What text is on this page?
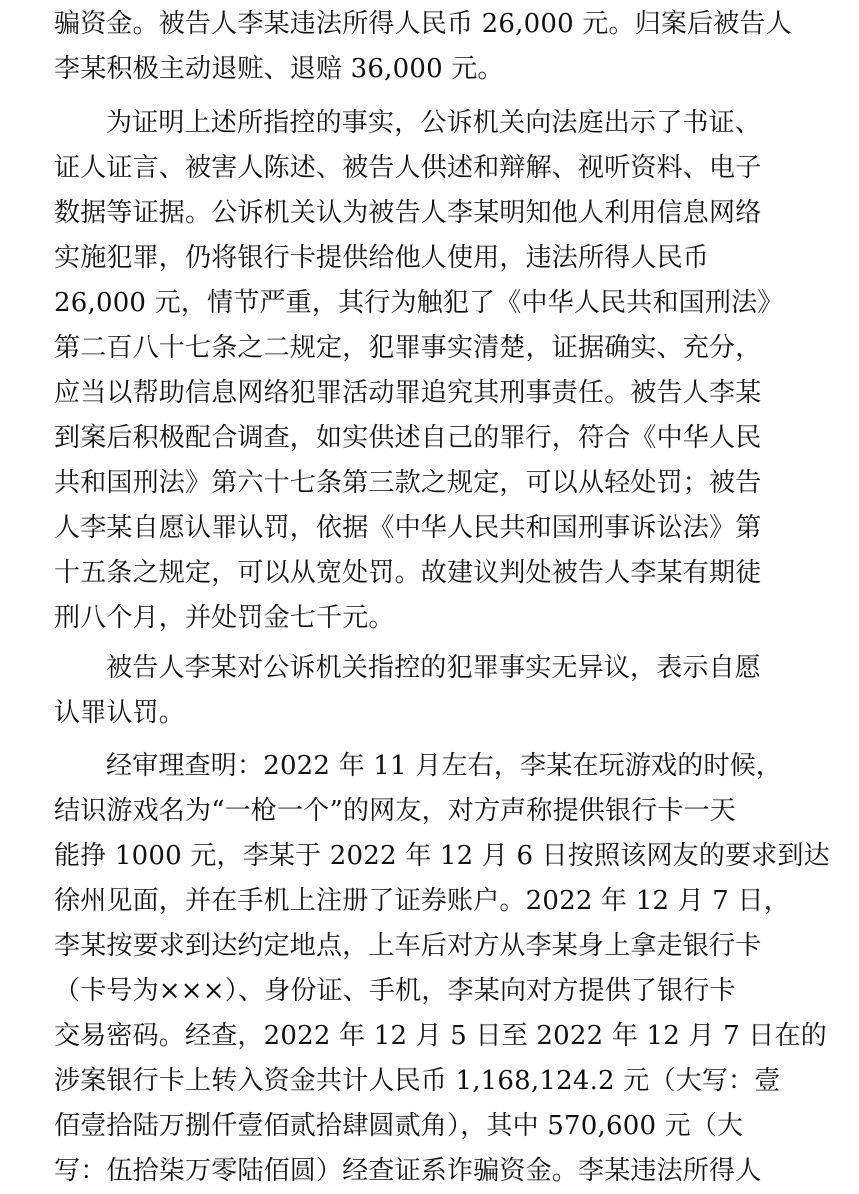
骗资金。被告人李某违法所得人民币 26,000 元。归案后被告人
李某积极主动退赃、退赔 36,000 元。
为证明上述所指控的事实，公诉机关向法庭出示了书证、
证人证言、被害人陈述、被告人供述和辩解、视听资料、电子
数据等证据。公诉机关认为被告人李某明知他人利用信息网络
实施犯罪，仍将银行卡提供给他人使用，违法所得人民币
26,000 元，情节严重，其行为触犯了《中华人民共和国刑法》
第二百八十七条之二规定，犯罪事实清楚，证据确实、充分，
应当以帮助信息网络犯罪活动罪追究其刑事责任。被告人李某
到案后积极配合调查，如实供述自己的罪行，符合《中华人民
共和国刑法》第六十七条第三款之规定，可以从轻处罚；被告
人李某自愿认罪认罚，依据《中华人民共和国刑事诉讼法》第
十五条之规定，可以从宽处罚。故建议判处被告人李某有期徒
刑八个月，并处罚金七千元。
被告人李某对公诉机关指控的犯罪事实无异议，表示自愿
认罪认罚。
经审理查明：2022 年 11 月左右，李某在玩游戏的时候，
结识游戏名为“一枪一个”的网友，对方声称提供银行卡一天
能挣 1000 元，李某于 2022 年 12 月 6 日按照该网友的要求到达
徐州见面，并在手机上注册了证券账户。2022 年 12 月 7 日，
李某按要求到达约定地点，上车后对方从李某身上拿走银行卡
（卡号为×××）、身份证、手机，李某向对方提供了银行卡
交易密码。经查，2022 年 12 月 5 日至 2022 年 12 月 7 日在的
涉案银行卡上转入资金共计人民币 1,168,124.2 元（大写：壹
佰壹拾陆万捌仟壹佰贰拾肆圆贰角），其中 570,600 元（大
写：伍拾柒万零陆佰圆）经查证系诈骗资金。李某违法所得人
